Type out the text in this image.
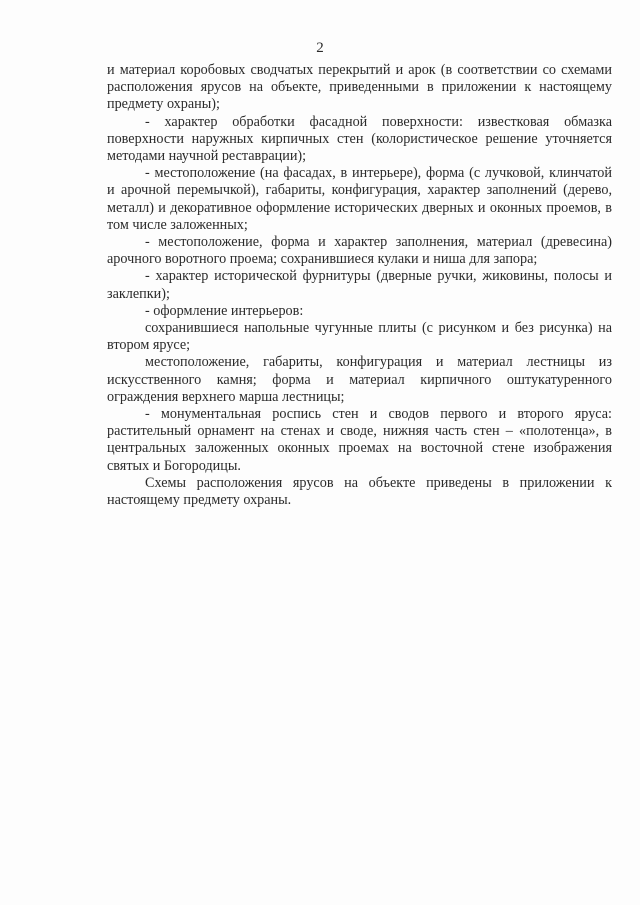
2

и материал коробовых сводчатых перекрытий и арок (в соответствии со схемами расположения ярусов на объекте, приведенными в приложении к настоящему предмету охраны);

- характер обработки фасадной поверхности: известковая обмазка поверхности наружных кирпичных стен (колористическое решение уточняется методами научной реставрации);

- местоположение (на фасадах, в интерьере), форма (с лучковой, клинчатой и арочной перемычкой), габариты, конфигурация, характер заполнений (дерево, металл) и декоративное оформление исторических дверных и оконных проемов, в том числе заложенных;

- местоположение, форма и характер заполнения, материал (древесина) арочного воротного проема; сохранившиеся кулаки и ниша для запора;

- характер исторической фурнитуры (дверные ручки, жиковины, полосы и заклепки);

- оформление интерьеров:

сохранившиеся напольные чугунные плиты (с рисунком и без рисунка) на втором ярусе;

местоположение, габариты, конфигурация и материал лестницы из искусственного камня; форма и материал кирпичного оштукатуренного ограждения верхнего марша лестницы;

- монументальная роспись стен и сводов первого и второго яруса: растительный орнамент на стенах и своде, нижняя часть стен – «полотенца», в центральных заложенных оконных проемах на восточной стене изображения святых и Богородицы.

Схемы расположения ярусов на объекте приведены в приложении к настоящему предмету охраны.
